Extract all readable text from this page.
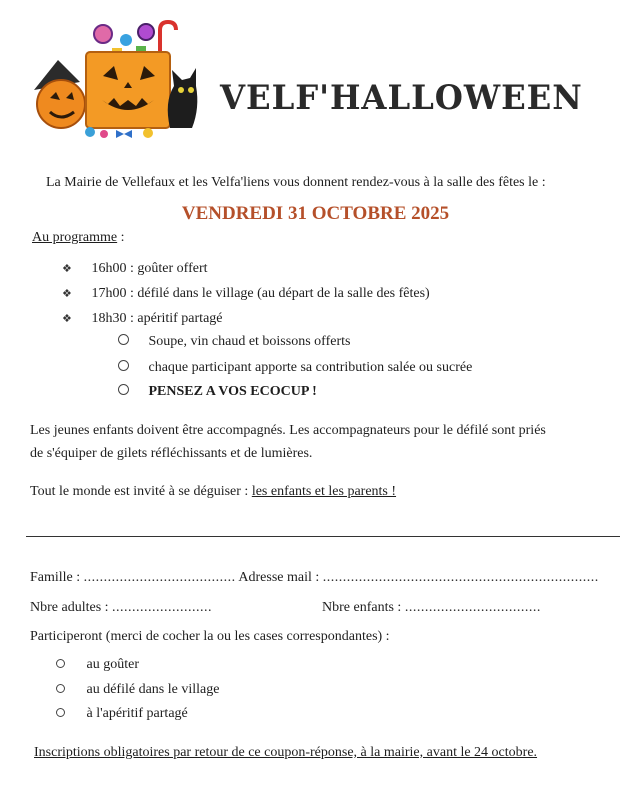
VELF'HALLOWEEN
La Mairie de Vellefaux et les Velfa'liens vous donnent rendez-vous à la salle des fêtes le :
VENDREDI 31 OCTOBRE 2025
Au programme :
❖ 16h00 : goûter offert
❖ 17h00 : défilé dans le village (au départ de la salle des fêtes)
❖ 18h30 : apéritif partagé
Soupe, vin chaud et boissons offerts
chaque participant apporte sa contribution salée ou sucrée
PENSEZ A VOS ECOCUP !
Les jeunes enfants doivent être accompagnés. Les accompagnateurs pour le défilé sont priés
de s'équiper de gilets réfléchissants et de lumières.
Tout le monde est invité à se déguiser : les enfants et les parents !
Famille : ...................................... Adresse mail : .....................................................................
Nbre adultes : .........................	Nbre enfants : ..................................
Participeront (merci de cocher la ou les cases correspondantes) :
au goûter
au défilé dans le village
à l'apéritif partagé
Inscriptions obligatoires par retour de ce coupon-réponse, à la mairie, avant le 24 octobre.
